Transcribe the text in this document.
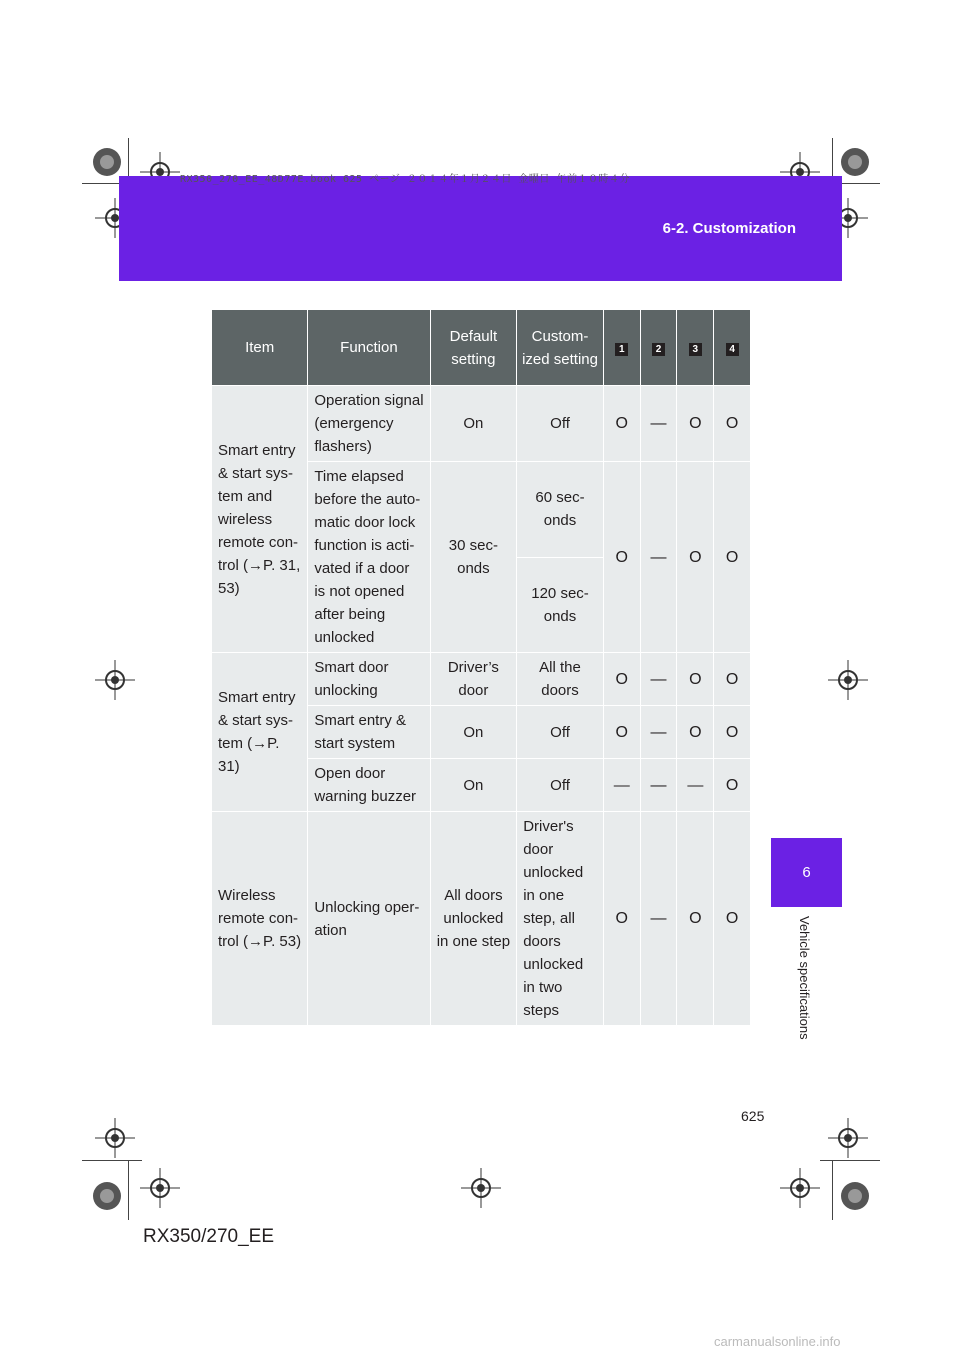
6-2. Customization
RX350_270_EE_48D77E.book 625 ページ ２０１４年１月２４日 金曜日 午前１０時４分
6
Vehicle specifications
Item	Function	Default setting	Custom- ized setting	1	2	3	4
Smart entry & start sys- tem and wireless remote con- trol (→P. 31, 53)	Operation signal (emergency flashers)	On	Off	O	—	O	O
	Time elapsed before the auto- matic door lock function is acti- vated if a door is not opened after being unlocked	30 sec- onds	60 sec- onds	O	—	O	O
			120 sec- onds				
Smart entry & start sys- tem (→P. 31)	Smart door unlocking	Driver’s door	All the doors	O	—	O	O
	Smart entry & start system	On	Off	O	—	O	O
	Open door warning buzzer	On	Off	—	—	—	O
Wireless remote con- trol (→P. 53)	Unlocking oper- ation	All doors unlocked in one step	Driver's door unlocked in one step, all doors unlocked in two steps	O	—	O	O
625
RX350/270_EE
carmanualsonline.info
